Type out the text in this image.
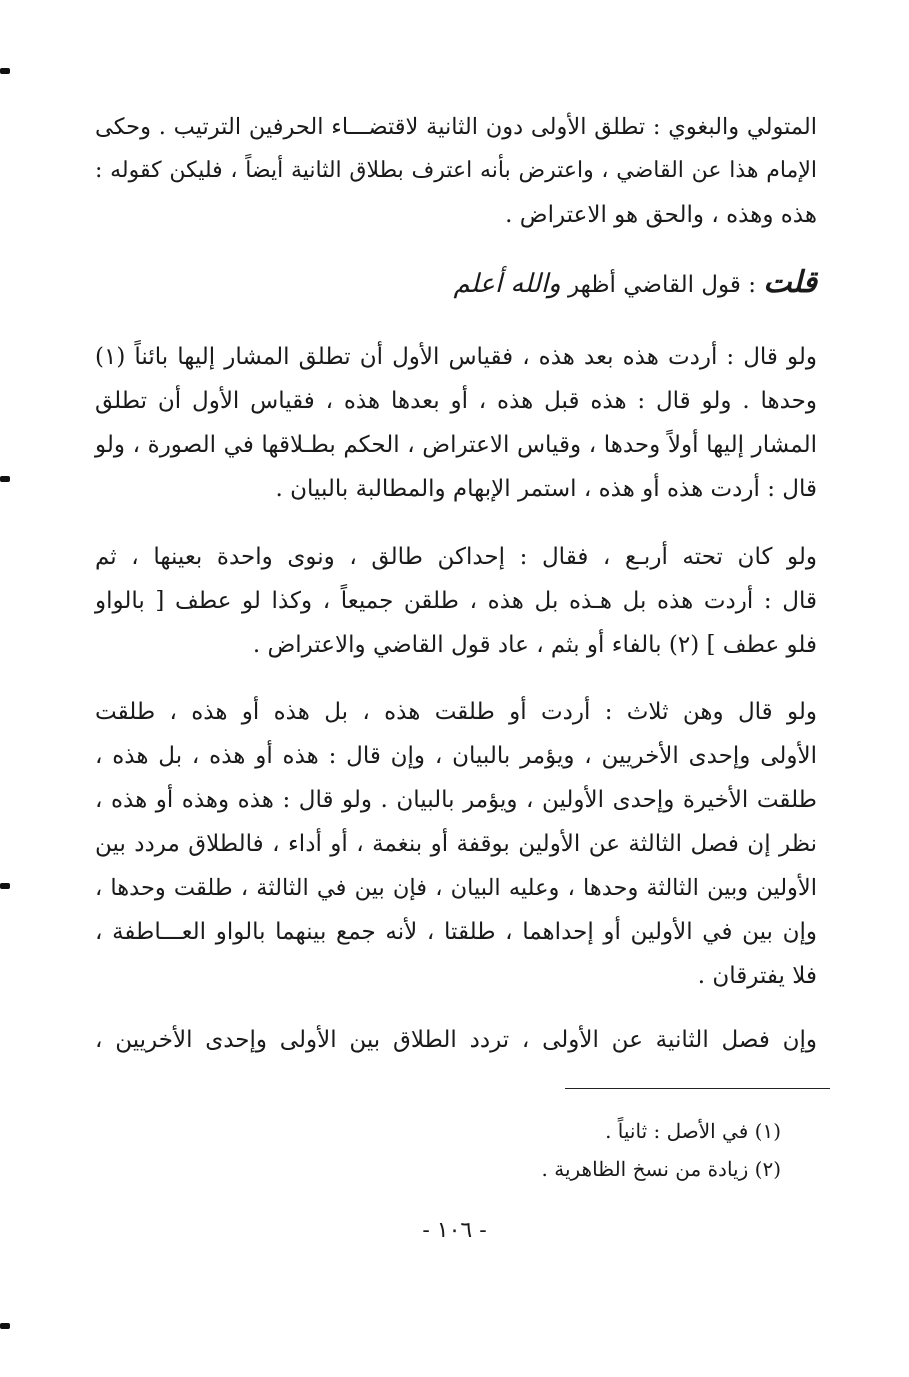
المتولي والبغوي : تطلق الأولى دون الثانية لاقتضـــاء الحرفين الترتيب . وحكى
الإمام هذا عن القاضي ، واعترض بأنه اعترف بطلاق الثانية أيضاً ، فليكن كقوله :
هذه وهذه ، والحق هو الاعتراض .
قلت : قول القاضي أظهر والله أعلم
ولو قال : أردت هذه بعد هذه ، فقياس الأول أن تطلق المشار إليها بائناً (١)
وحدها . ولو قال : هذه قبل هذه ، أو بعدها هذه ، فقياس الأول أن تطلق
المشار إليها أولاً وحدها ، وقياس الاعتراض ، الحكم بطـلاقها في الصورة ، ولو
قال : أردت هذه أو هذه ، استمر الإبهام والمطالبة بالبيان .
ولو كان تحته أربـع ، فقال : إحداكن طالق ، ونوى واحدة بعينها ، ثم
قال : أردت هذه بل هـذه بل هذه ، طلقن جميعاً ، وكذا لو عطف [ بالواو
فلو عطف ] (٢) بالفاء أو بثم ، عاد قول القاضي والاعتراض .
ولو قال وهن ثلاث : أردت أو طلقت هذه ، بل هذه أو هذه ، طلقت
الأولى وإحدى الأخريين ، ويؤمر بالبيان ، وإن قال : هذه أو هذه ، بل هذه ،
طلقت الأخيرة وإحدى الأولين ، ويؤمر بالبيان . ولو قال : هذه وهذه أو هذه ،
نظر إن فصل الثالثة عن الأولين بوقفة أو بنغمة ، أو أداء ، فالطلاق مردد بين
الأولين وبين الثالثة وحدها ، وعليه البيان ، فإن بين في الثالثة ، طلقت وحدها ،
وإن بين في الأولين أو إحداهما ، طلقتا ، لأنه جمع بينهما بالواو العـــاطفة ،
فلا يفترقان .
وإن فصل الثانية عن الأولى ، تردد الطلاق بين الأولى وإحدى الأخريين ،
(١) في الأصل : ثانياً .
(٢) زيادة من نسخ الظاهرية .
- ١٠٦ -
